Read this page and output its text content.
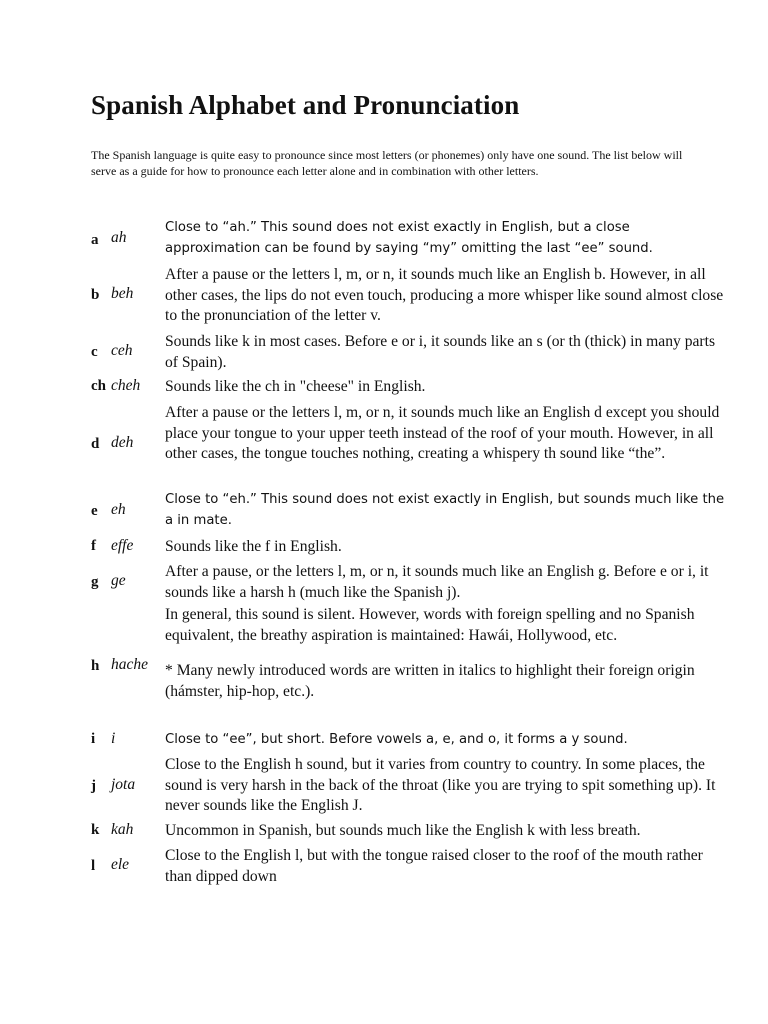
Spanish Alphabet and Pronunciation

The Spanish language is quite easy to pronounce since most letters (or phonemes) only have one sound. The list below will serve as a guide for how to pronounce each letter alone and in combination with other letters.

a ah
Close to “ah.” This sound does not exist exactly in English, but a close approximation can be found by saying “my” omitting the last “ee” sound.
b beh
After a pause or the letters l, m, or n, it sounds much like an English b. However, in all other cases, the lips do not even touch, producing a more whisper like sound almost close to the pronunciation of the letter v.
c ceh
Sounds like k in most cases. Before e or i, it sounds like an s (or th (thick) in many parts of Spain).
ch cheh Sounds like the ch in "cheese" in English.
d deh
After a pause or the letters l, m, or n, it sounds much like an English d except you should place your tongue to your upper teeth instead of the roof of your mouth. However, in all other cases, the tongue touches nothing, creating a whispery th sound like “the”.
e eh
Close to “eh.” This sound does not exist exactly in English, but sounds much like the a in mate.
f effe Sounds like the f in English.
g ge
After a pause, or the letters l, m, or n, it sounds much like an English g. Before e or i, it sounds like a harsh h (much like the Spanish j).
h hache

In general, this sound is silent. However, words with foreign spelling and no Spanish equivalent, the breathy aspiration is maintained: Hawái, Hollywood, etc.

* Many newly introduced words are written in italics to highlight their foreign origin (hámster, hip-hop, etc.).

i i	Close to “ee”, but short. Before vowels a, e, and o, it forms a y sound.
j jota
Close to the English h sound, but it varies from country to country. In some places, the sound is very harsh in the back of the throat (like you are trying to spit something up). It never sounds like the English J.
k kah Uncommon in Spanish, but sounds much like the English k with less breath.
l ele
Close to the English l, but with the tongue raised closer to the roof of the mouth rather than dipped down
